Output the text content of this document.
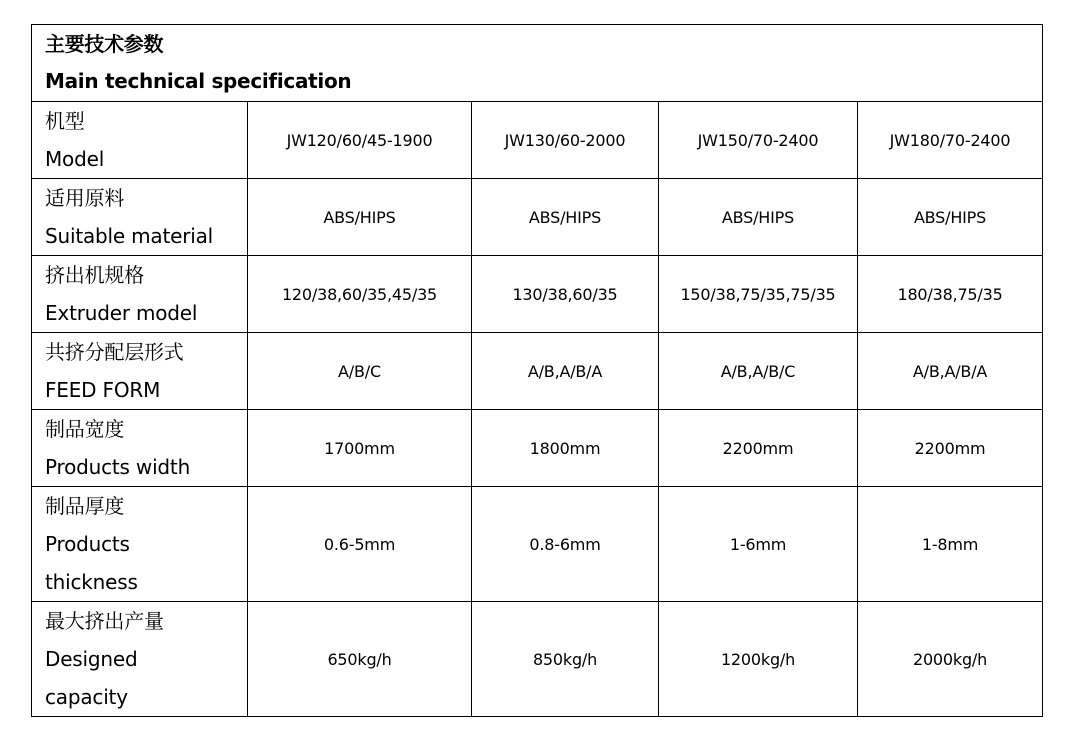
主要技术参数
Main technical specification				

机型
Model	JW120/60/45-1900	JW130/60-2000	JW150/70-2400	JW180/70-2400

适用原料
Suitable material	ABS/HIPS	ABS/HIPS	ABS/HIPS	ABS/HIPS

挤出机规格
Extruder model	120/38,60/35,45/35	130/38,60/35	150/38,75/35,75/35	180/38,75/35

共挤分配层形式
FEED FORM	A/B/C	A/B,A/B/A	A/B,A/B/C	A/B,A/B/A

制品宽度
Products width	1700mm	1800mm	2200mm	2200mm

制品厚度
Products
thickness	0.6-5mm	0.8-6mm	1-6mm	1-8mm

最大挤出产量
Designed
capacity	650kg/h	850kg/h	1200kg/h	2000kg/h
